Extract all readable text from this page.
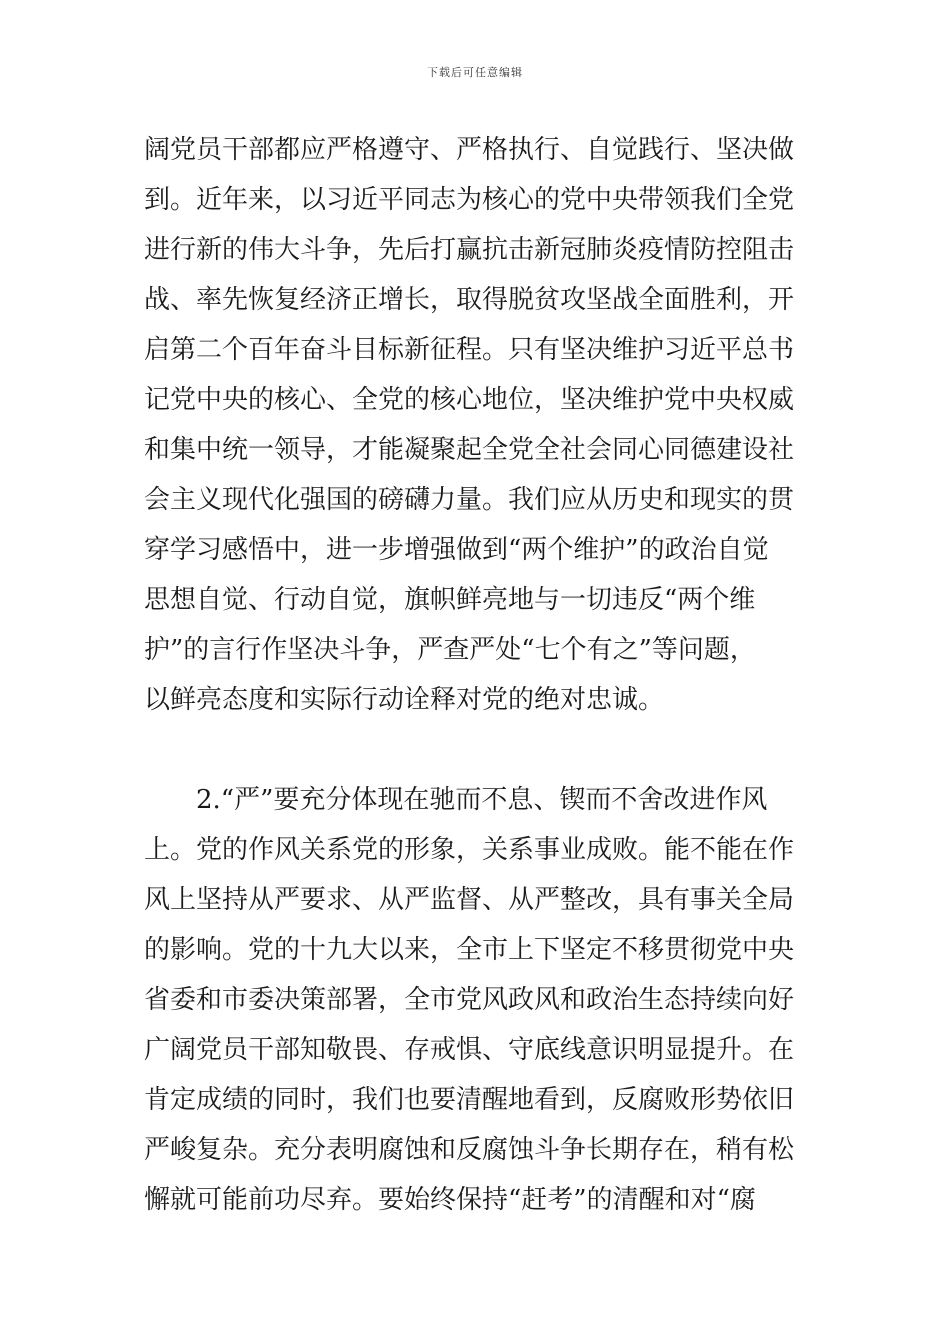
下载后可任意编辑
阔党员干部都应严格遵守、严格执行、自觉践行、坚决做
到。近年来，以习近平同志为核心的党中央带领我们全党
进行新的伟大斗争，先后打赢抗击新冠肺炎疫情防控阻击
战、率先恢复经济正增长，取得脱贫攻坚战全面胜利，开
启第二个百年奋斗目标新征程。只有坚决维护习近平总书
记党中央的核心、全党的核心地位，坚决维护党中央权威
和集中统一领导，才能凝聚起全党全社会同心同德建设社
会主义现代化强国的磅礴力量。我们应从历史和现实的贯
穿学习感悟中，进一步增强做到“两个维护”的政治自觉
思想自觉、行动自觉，旗帜鲜亮地与一切违反“两个维
护”的言行作坚决斗争，严查严处“七个有之”等问题，
以鲜亮态度和实际行动诠释对党的绝对忠诚。
2.“严”要充分体现在驰而不息、锲而不舍改进作风
上。党的作风关系党的形象，关系事业成败。能不能在作
风上坚持从严要求、从严监督、从严整改，具有事关全局
的影响。党的十九大以来，全市上下坚定不移贯彻党中央
省委和市委决策部署，全市党风政风和政治生态持续向好
广阔党员干部知敬畏、存戒惧、守底线意识明显提升。在
肯定成绩的同时，我们也要清醒地看到，反腐败形势依旧
严峻复杂。充分表明腐蚀和反腐蚀斗争长期存在，稍有松
懈就可能前功尽弃。要始终保持“赶考”的清醒和对“腐
